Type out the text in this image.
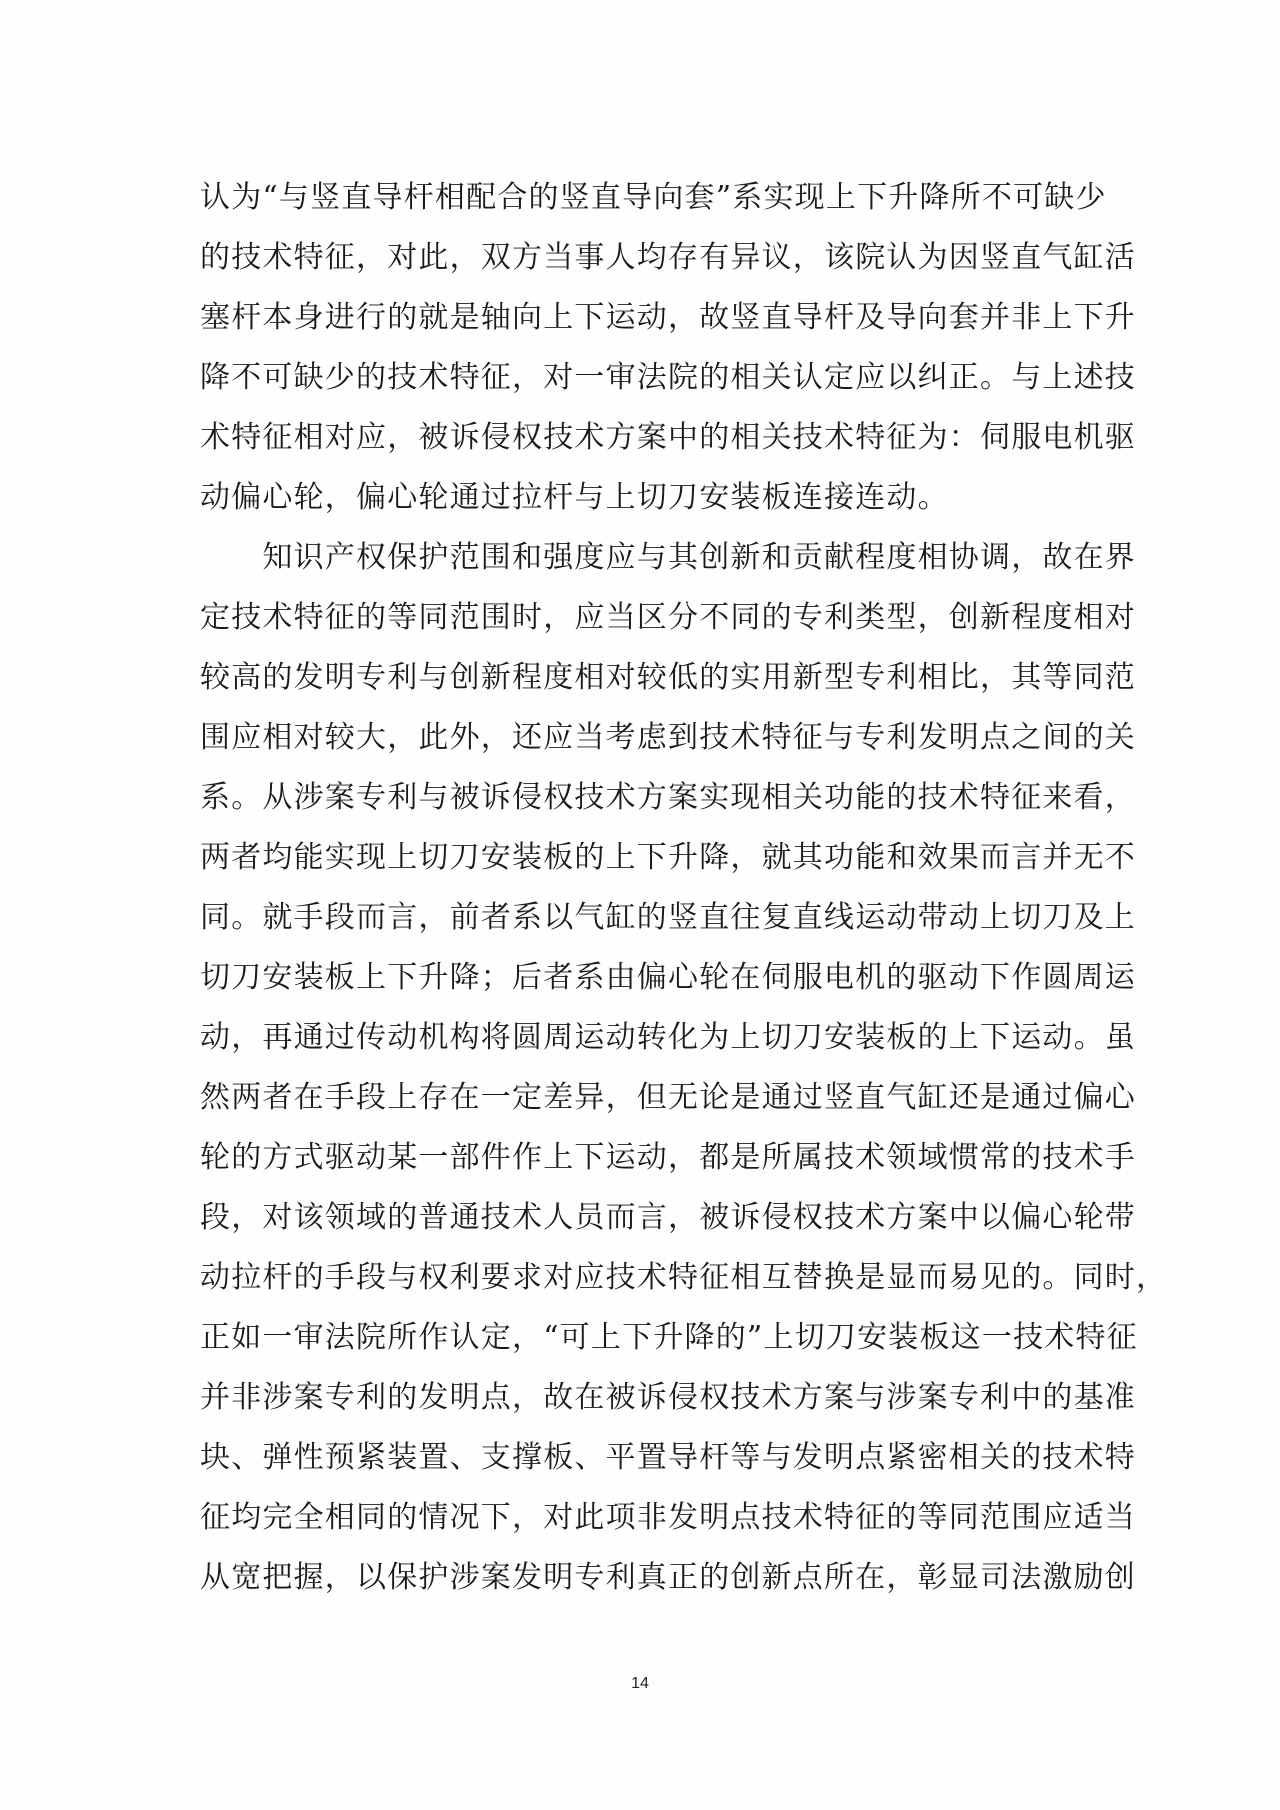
认为“与竖直导杆相配合的竖直导向套”系实现上下升降所不可缺少
的技术特征，对此，双方当事人均存有异议，该院认为因竖直气缸活
塞杆本身进行的就是轴向上下运动，故竖直导杆及导向套并非上下升
降不可缺少的技术特征，对一审法院的相关认定应以纠正。与上述技
术特征相对应，被诉侵权技术方案中的相关技术特征为：伺服电机驱
动偏心轮，偏心轮通过拉杆与上切刀安装板连接连动。
　　知识产权保护范围和强度应与其创新和贡献程度相协调，故在界
定技术特征的等同范围时，应当区分不同的专利类型，创新程度相对
较高的发明专利与创新程度相对较低的实用新型专利相比，其等同范
围应相对较大，此外，还应当考虑到技术特征与专利发明点之间的关
系。从涉案专利与被诉侵权技术方案实现相关功能的技术特征来看，
两者均能实现上切刀安装板的上下升降，就其功能和效果而言并无不
同。就手段而言，前者系以气缸的竖直往复直线运动带动上切刀及上
切刀安装板上下升降；后者系由偏心轮在伺服电机的驱动下作圆周运
动，再通过传动机构将圆周运动转化为上切刀安装板的上下运动。虽
然两者在手段上存在一定差异，但无论是通过竖直气缸还是通过偏心
轮的方式驱动某一部件作上下运动，都是所属技术领域惯常的技术手
段，对该领域的普通技术人员而言，被诉侵权技术方案中以偏心轮带
动拉杆的手段与权利要求对应技术特征相互替换是显而易见的。同时，
正如一审法院所作认定，“可上下升降的”上切刀安装板这一技术特征
并非涉案专利的发明点，故在被诉侵权技术方案与涉案专利中的基准
块、弹性预紧装置、支撑板、平置导杆等与发明点紧密相关的技术特
征均完全相同的情况下，对此项非发明点技术特征的等同范围应适当
从宽把握，以保护涉案发明专利真正的创新点所在，彰显司法激励创
14
